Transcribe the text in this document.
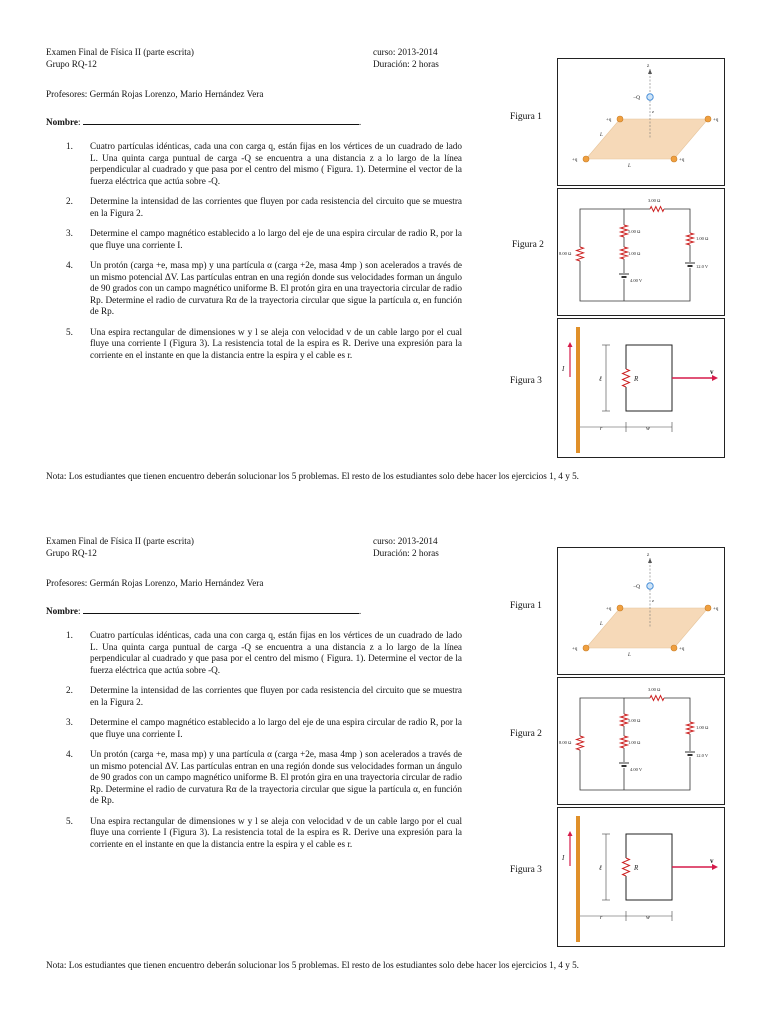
Examen Final de Física II (parte escrita)
Grupo RQ-12
curso: 2013-2014
Duración: 2 horas
Profesores: Germán Rojas Lorenzo, Mario Hernández Vera
Nombre:	.
1.	Cuatro partículas idénticas, cada una con carga q, están fijas en los vértices de un cuadrado de lado L. Una quinta carga puntual de carga -Q se encuentra a una distancia z a lo largo de la línea perpendicular al cuadrado y que pasa por el centro del mismo ( Figura. 1). Determine el vector de la fuerza eléctrica que actúa sobre -Q.
2.	Determine la intensidad de las corrientes que fluyen por cada resistencia del circuito que se muestra en la Figura 2.
3.	Determine el campo magnético establecido a lo largo del eje de una espira circular de radio R, por la que fluye una corriente I.
4.	Un protón (carga +e, masa mp) y una partícula α (carga +2e, masa 4mp ) son acelerados a través de un mismo potencial ΔV. Las partículas entran en una región donde sus velocidades forman un ángulo de 90 grados con un campo magnético uniforme B. El protón gira en una trayectoria circular de radio Rp. Determine el radio de curvatura Rα de la trayectoria circular que sigue la partícula α, en función de Rp.
5.	Una espira rectangular de dimensiones w y l se aleja con velocidad v de un cable largo por el cual fluye una corriente I (Figura 3). La resistencia total de la espira es R. Derive una expresión para la corriente en el instante en que la distancia entre la espira y el cable es r.
Nota: Los estudiantes que tienen encuentro deberán solucionar los 5 problemas. El resto de los estudiantes solo debe hacer los ejercicios 1, 4 y 5.
Figura 1
z
−Q
z
+q	+q
+q	+q
L
L
Figura 2
3.00 Ω
5.00 Ω
1.00 Ω
4.00 V
8.00 Ω
1.00 Ω
12.0 V
Figura 3
I
R
ℓ
v
r	w
Examen Final de Física II (parte escrita)
Grupo RQ-12
curso: 2013-2014
Duración: 2 horas
Profesores: Germán Rojas Lorenzo, Mario Hernández Vera
Nombre:	.
1.	Cuatro partículas idénticas, cada una con carga q, están fijas en los vértices de un cuadrado de lado L. Una quinta carga puntual de carga -Q se encuentra a una distancia z a lo largo de la línea perpendicular al cuadrado y que pasa por el centro del mismo ( Figura. 1). Determine el vector de la fuerza eléctrica que actúa sobre -Q.
2.	Determine la intensidad de las corrientes que fluyen por cada resistencia del circuito que se muestra en la Figura 2.
3.	Determine el campo magnético establecido a lo largo del eje de una espira circular de radio R, por la que fluye una corriente I.
4.	Un protón (carga +e, masa mp) y una partícula α (carga +2e, masa 4mp ) son acelerados a través de un mismo potencial ΔV. Las partículas entran en una región donde sus velocidades forman un ángulo de 90 grados con un campo magnético uniforme B. El protón gira en una trayectoria circular de radio Rp. Determine el radio de curvatura Rα de la trayectoria circular que sigue la partícula α, en función de Rp.
5.	Una espira rectangular de dimensiones w y l se aleja con velocidad v de un cable largo por el cual fluye una corriente I (Figura 3). La resistencia total de la espira es R. Derive una expresión para la corriente en el instante en que la distancia entre la espira y el cable es r.
Nota: Los estudiantes que tienen encuentro deberán solucionar los 5 problemas. El resto de los estudiantes solo debe hacer los ejercicios 1, 4 y 5.
Figura 1
z
−Q
z
+q	+q
+q	+q
L
L
Figura 2
3.00 Ω
5.00 Ω
1.00 Ω
4.00 V
8.00 Ω
1.00 Ω
12.0 V
Figura 3
I
R
ℓ
v
r	w
